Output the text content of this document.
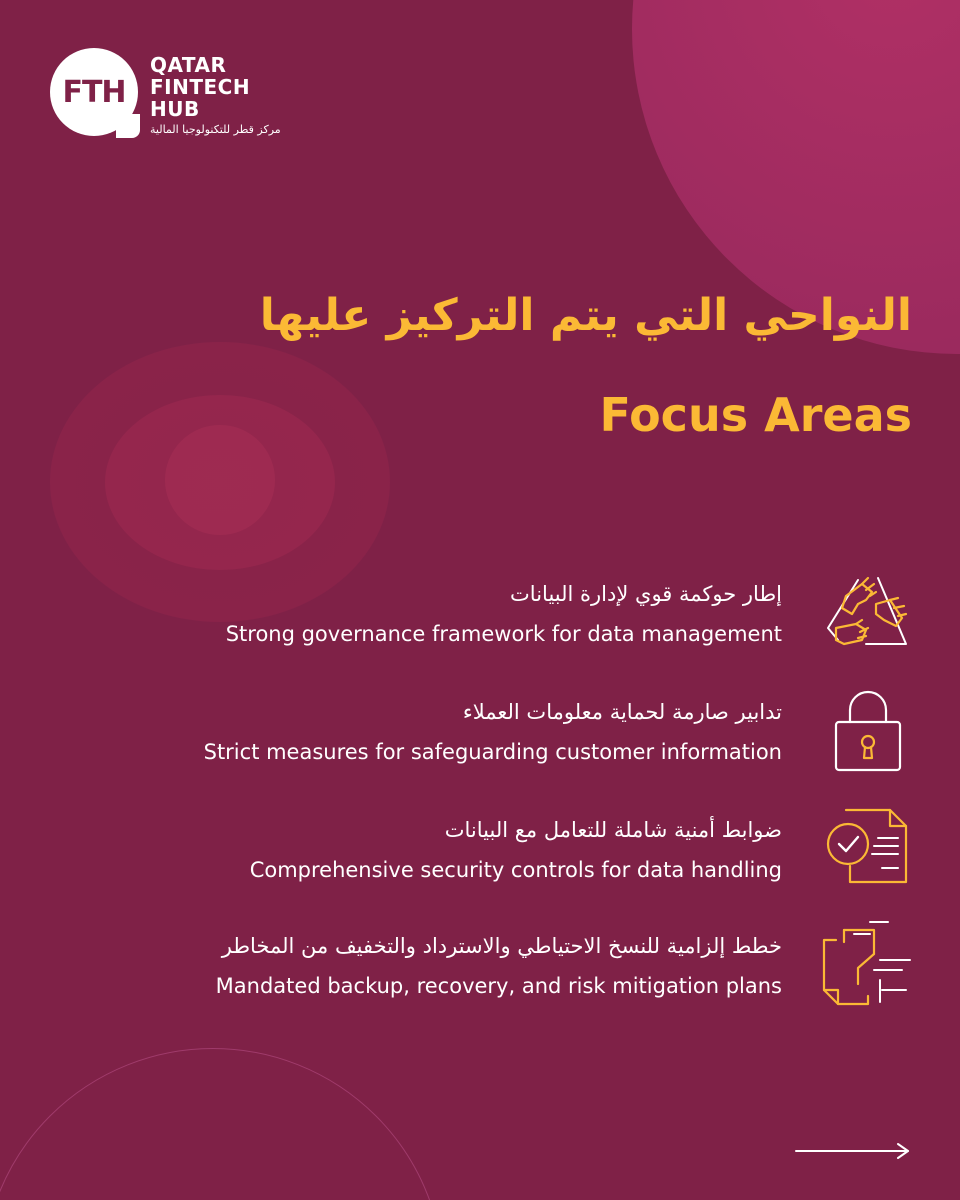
FTH
QATAR
FINTECH
HUB
مركز قطر للتكنولوجيا المالية
النواحي التي يتم التركيز عليها
Focus Areas
إطار حوكمة قوي لإدارة البيانات
Strong governance framework for data management
تدابير صارمة لحماية معلومات العملاء
Strict measures for safeguarding customer information
ضوابط أمنية شاملة للتعامل مع البيانات
Comprehensive security controls for data handling
خطط إلزامية للنسخ الاحتياطي والاسترداد والتخفيف من المخاطر
Mandated backup, recovery, and risk mitigation plans
